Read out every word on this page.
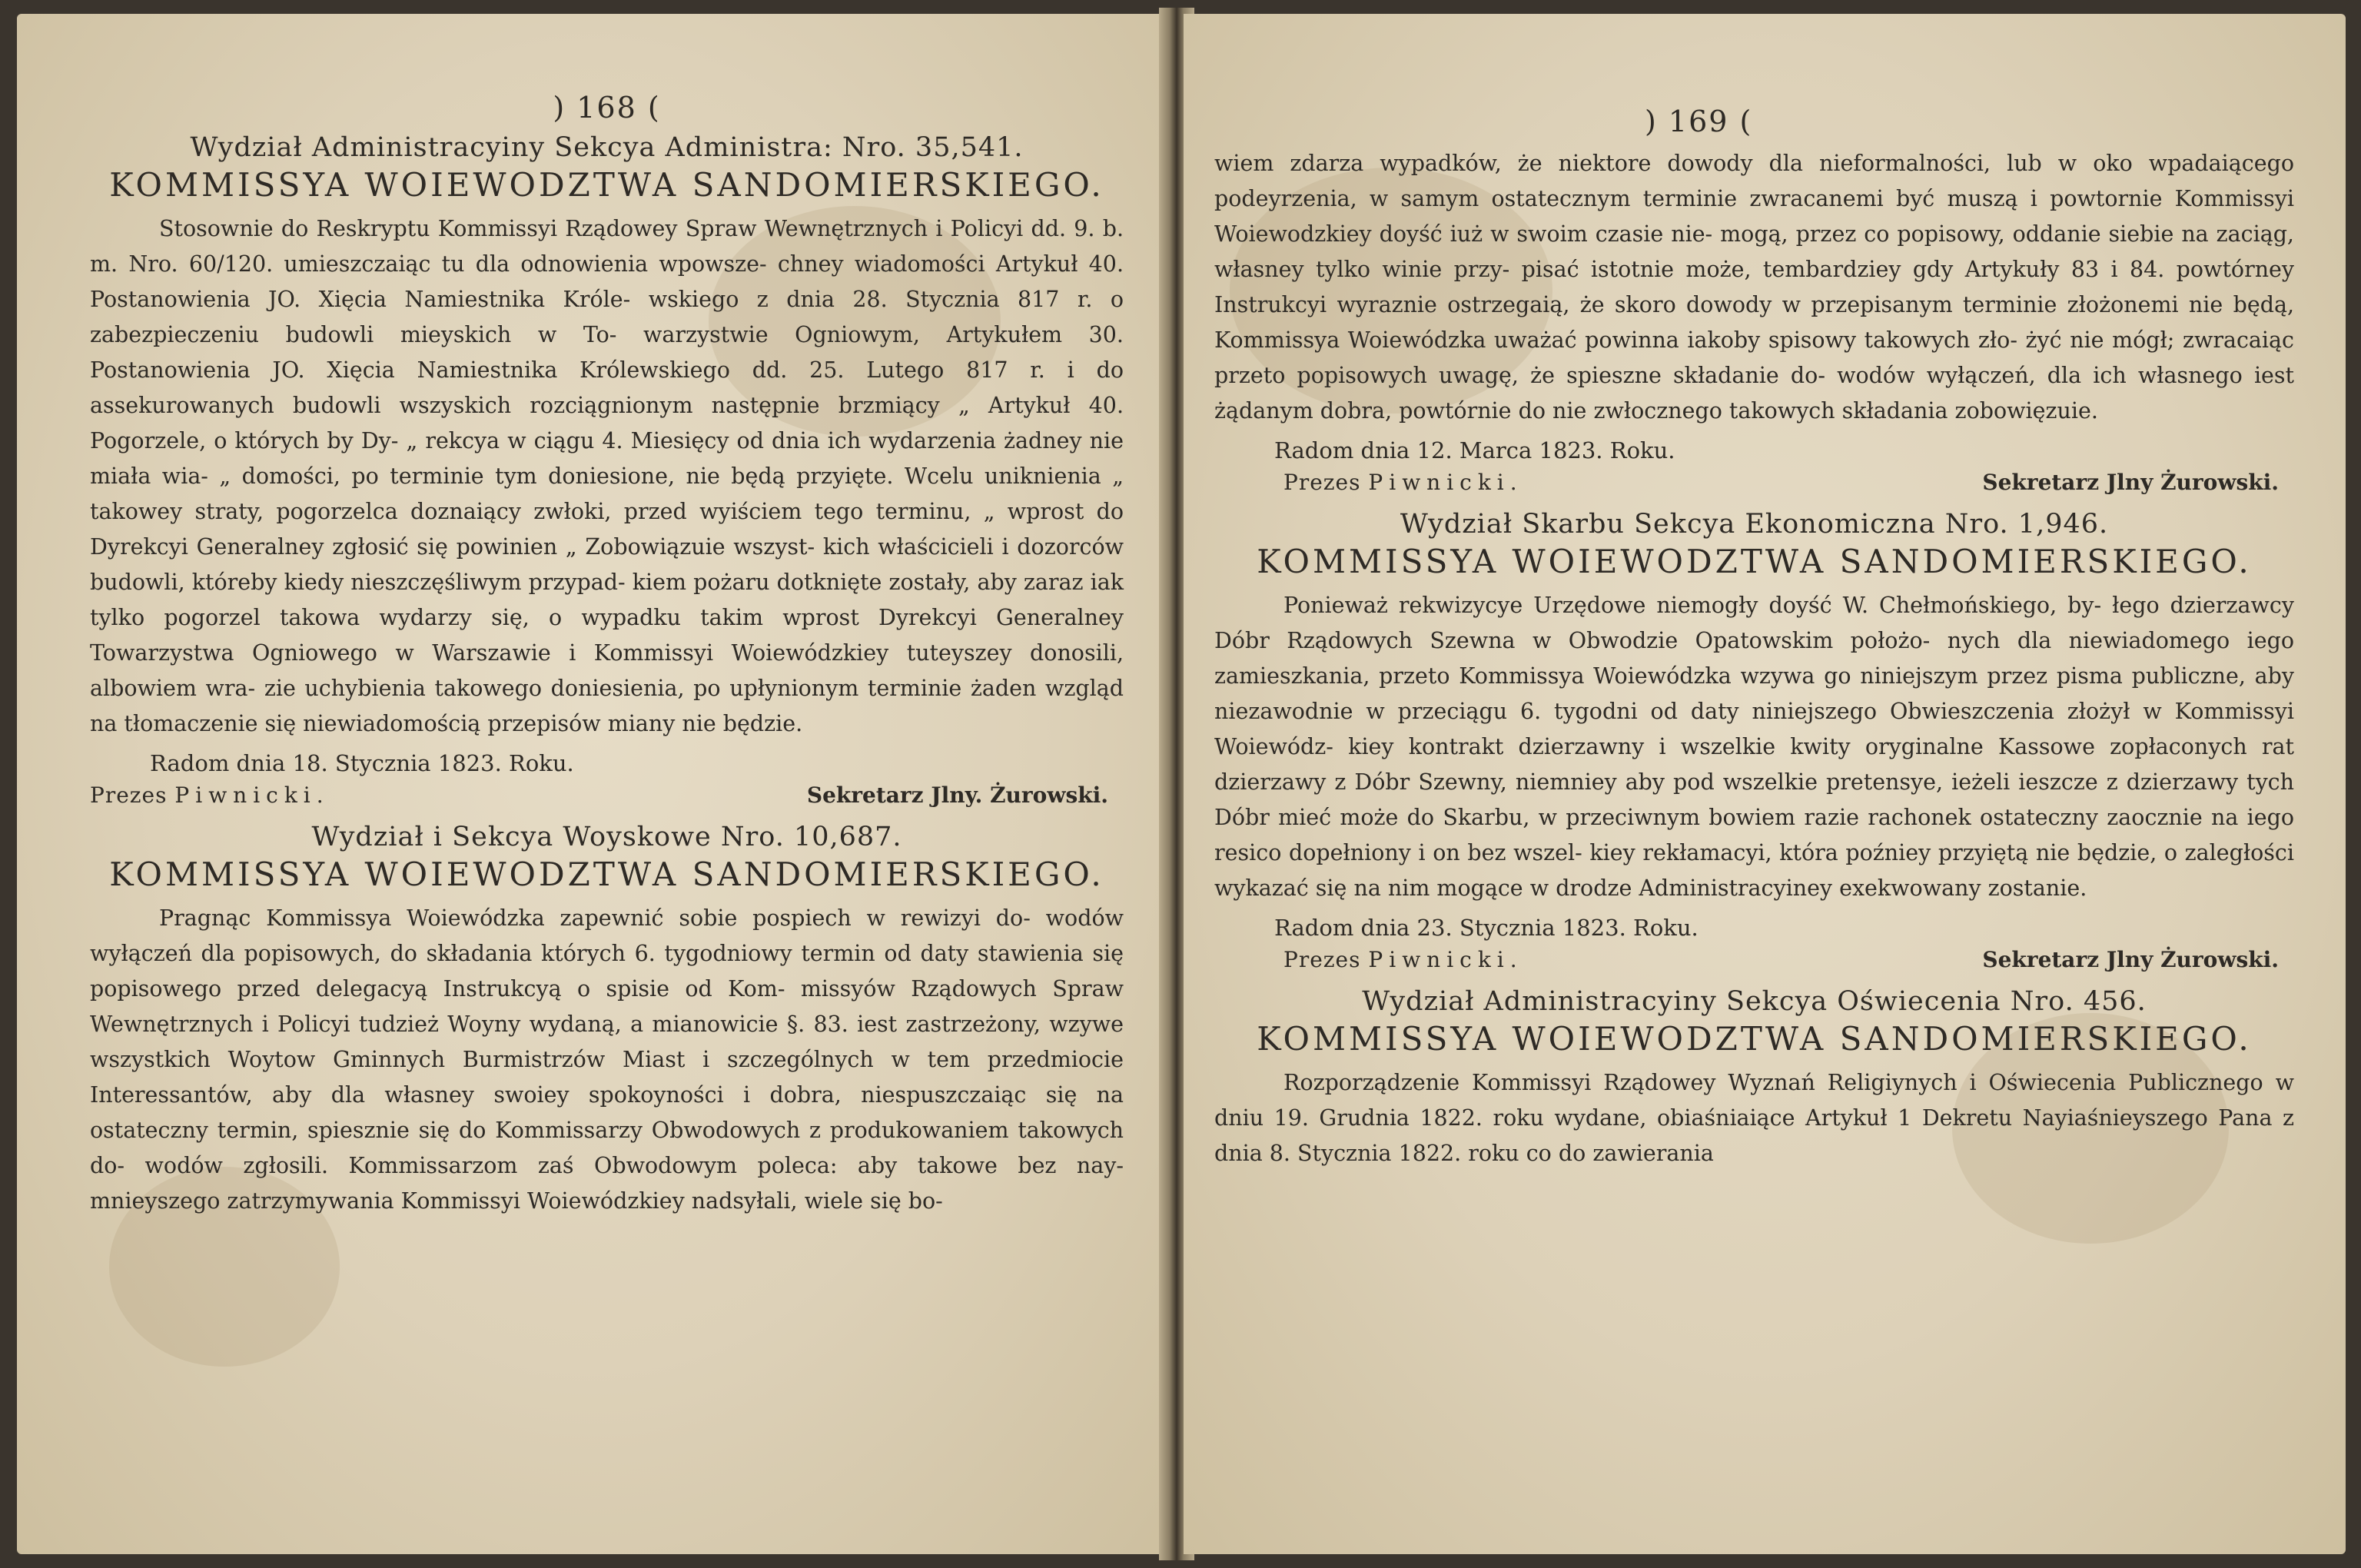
) 168 (
Wydział Administracyiny Sekcya Administra: Nro. 35,541.
KOMMISSYA WOIEWODZTWA SANDOMIERSKIEGO.

Stosownie do Reskryptu Kommissyi Rządowey Spraw Wewnętrznych i Policyi dd. 9. b. m. Nro. 60/120. umieszczaiąc tu dla odnowienia wpowsze- chney wiadomości Artykuł 40. Postanowienia JO. Xięcia Namiestnika Króle- wskiego z dnia 28. Stycznia 817 r. o zabezpieczeniu budowli mieyskich w To- warzystwie Ogniowym, Artykułem 30. Postanowienia JO. Xięcia Namiestnika Królewskiego dd. 25. Lutego 817 r. i do assekurowanych budowli wszyskich rozciągnionym następnie brzmiący „ Artykuł 40. Pogorzele, o których by Dy- „ rekcya w ciągu 4. Miesięcy od dnia ich wydarzenia żadney nie miała wia- „ domości, po terminie tym doniesione, nie będą przyięte. Wcelu uniknienia „ takowey straty, pogorzelca doznaiący zwłoki, przed wyiściem tego terminu, „ wprost do Dyrekcyi Generalney zgłosić się powinien „ Zobowiązuie wszyst- kich właścicieli i dozorców budowli, któreby kiedy nieszczęśliwym przypad- kiem pożaru dotknięte zostały, aby zaraz iak tylko pogorzel takowa wydarzy się, o wypadku takim wprost Dyrekcyi Generalney Towarzystwa Ogniowego w Warszawie i Kommissyi Woiewódzkiey tuteyszey donosili, albowiem wra- zie uchybienia takowego doniesienia, po upłynionym terminie żaden wzgląd na tłomaczenie się niewiadomością przepisów miany nie będzie.

Radom dnia 18. Stycznia 1823. Roku.
Prezes Piwnicki.	Sekretarz Jlny. Żurowski.
Wydział i Sekcya Woyskowe Nro. 10,687.
KOMMISSYA WOIEWODZTWA SANDOMIERSKIEGO.

Pragnąc Kommissya Woiewódzka zapewnić sobie pospiech w rewizyi do- wodów wyłączeń dla popisowych, do składania których 6. tygodniowy termin od daty stawienia się popisowego przed delegacyą Instrukcyą o spisie od Kom- missyów Rządowych Spraw Wewnętrznych i Policyi tudzież Woyny wydaną, a mianowicie §. 83. iest zastrzeżony, wzywe wszystkich Woytow Gminnych Burmistrzów Miast i szczególnych w tem przedmiocie Interessantów, aby dla własney swoiey spokoyności i dobra, niespuszczaiąc się na ostateczny termin, spiesznie się do Kommissarzy Obwodowych z produkowaniem takowych do- wodów zgłosili. Kommissarzom zaś Obwodowym poleca: aby takowe bez nay- mnieyszego zatrzymywania Kommissyi Woiewódzkiey nadsyłali, wiele się bo-

) 169 (

wiem zdarza wypadków, że niektore dowody dla nieformalności, lub w oko wpadaiącego podeyrzenia, w samym ostatecznym terminie zwracanemi być muszą i powtornie Kommissyi Woiewodzkiey doyść iuż w swoim czasie nie- mogą, przez co popisowy, oddanie siebie na zaciąg, własney tylko winie przy- pisać istotnie może, tembardziey gdy Artykuły 83 i 84. powtórney Instrukcyi wyraznie ostrzegaią, że skoro dowody w przepisanym terminie złożonemi nie będą, Kommissya Woiewódzka uważać powinna iakoby spisowy takowych zło- żyć nie mógł; zwracaiąc przeto popisowych uwagę, że spieszne składanie do- wodów wyłączeń, dla ich własnego iest żądanym dobra, powtórnie do nie zwłocznego takowych składania zobowięzuie.

Radom dnia 12. Marca 1823. Roku.
Prezes Piwnicki.	Sekretarz Jlny Żurowski.
Wydział Skarbu Sekcya Ekonomiczna Nro. 1,946.
KOMMISSYA WOIEWODZTWA SANDOMIERSKIEGO.

Ponieważ rekwizycye Urzędowe niemogły doyść W. Chełmońskiego, by- łego dzierzawcy Dóbr Rządowych Szewna w Obwodzie Opatowskim położo- nych dla niewiadomego iego zamieszkania, przeto Kommissya Woiewódzka wzywa go niniejszym przez pisma publiczne, aby niezawodnie w przeciągu 6. tygodni od daty niniejszego Obwieszczenia złożył w Kommissyi Woiewódz- kiey kontrakt dzierzawny i wszelkie kwity oryginalne Kassowe zopłaconych rat dzierzawy z Dóbr Szewny, niemniey aby pod wszelkie pretensye, ieżeli ieszcze z dzierzawy tych Dóbr mieć może do Skarbu, w przeciwnym bowiem razie rachonek ostateczny zaocznie na iego resico dopełniony i on bez wszel- kiey rekłamacyi, która poźniey przyiętą nie będzie, o zaległości wykazać się na nim mogące w drodze Administracyiney exekwowany zostanie.

Radom dnia 23. Stycznia 1823. Roku.
Prezes Piwnicki.	Sekretarz Jlny Żurowski.
Wydział Administracyiny Sekcya Oświecenia Nro. 456.
KOMMISSYA WOIEWODZTWA SANDOMIERSKIEGO.

Rozporządzenie Kommissyi Rządowey Wyznań Religiynych i Oświecenia Publicznego w dniu 19. Grudnia 1822. roku wydane, obiaśniaiące Artykuł 1 Dekretu Nayiaśnieyszego Pana z dnia 8. Stycznia 1822. roku co do zawierania
